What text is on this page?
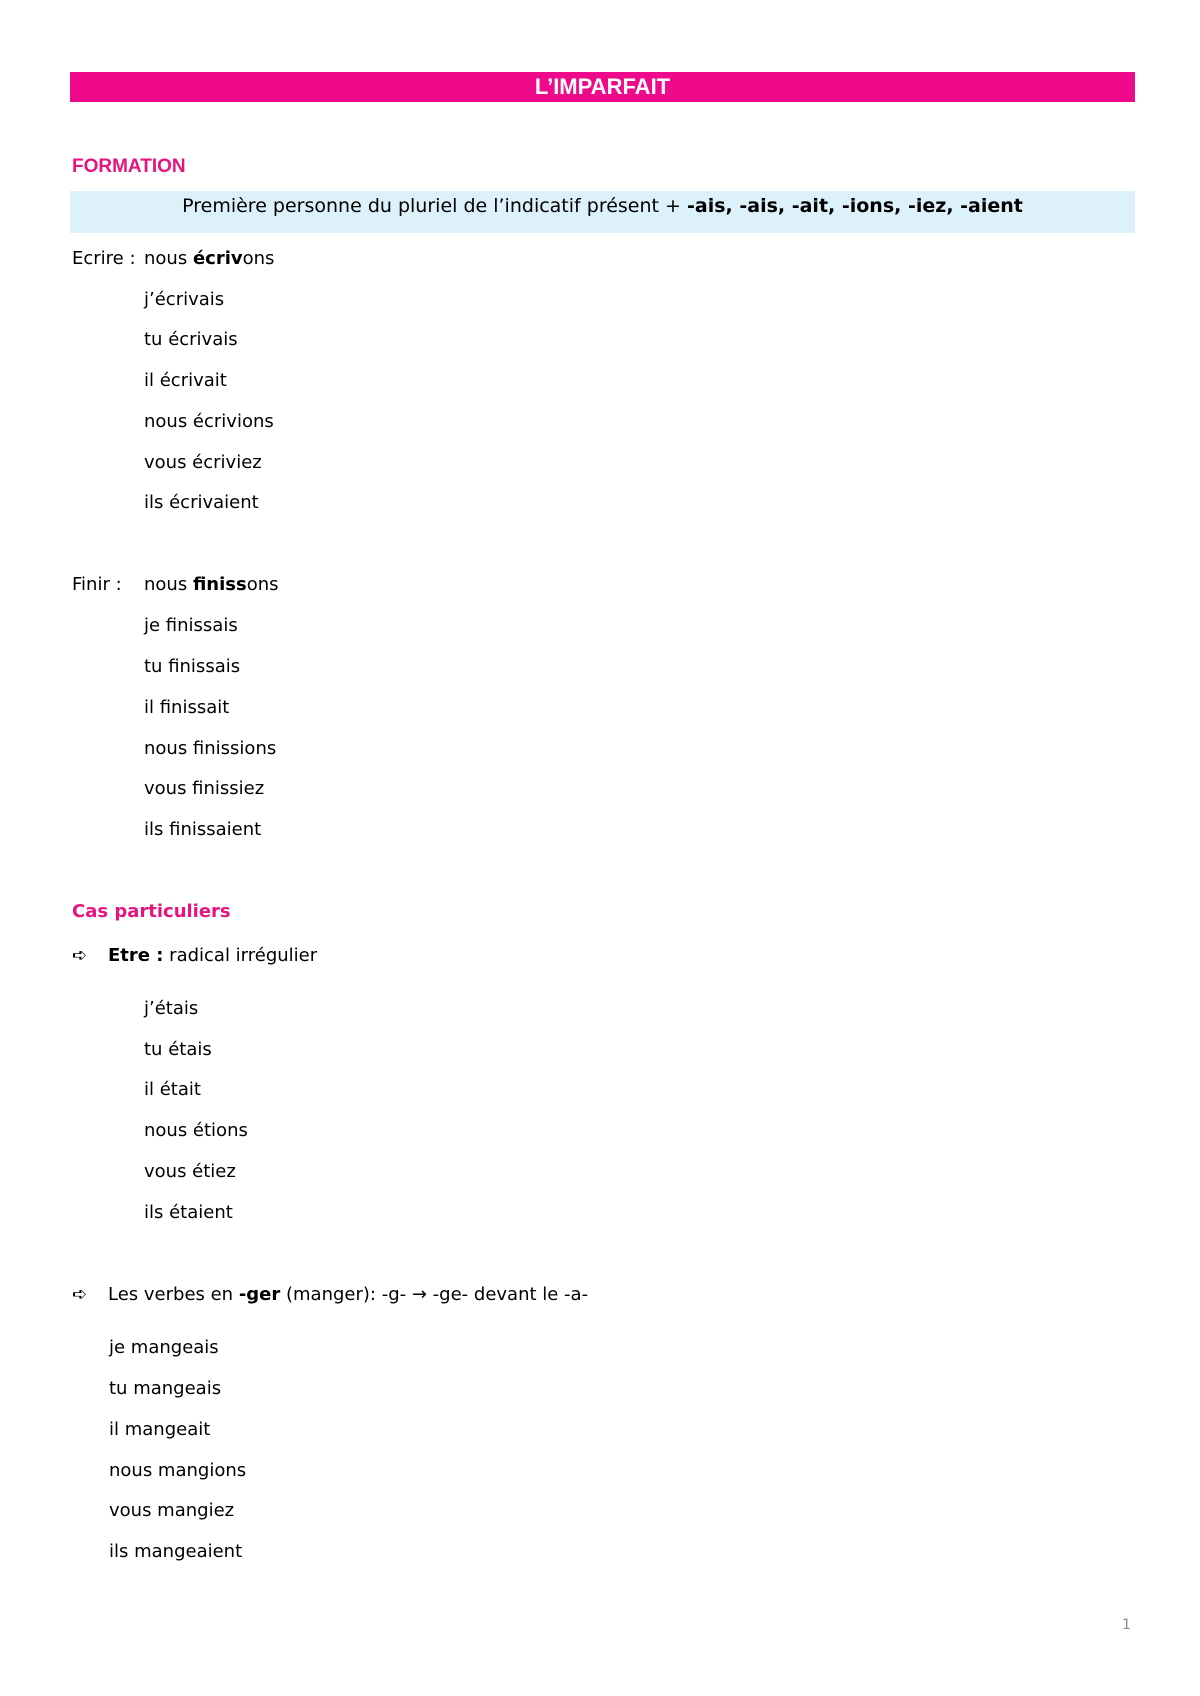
L’IMPARFAIT
FORMATION
Première personne du pluriel de l’indicatif présent + -ais, -ais, -ait, -ions, -iez, -aient
Ecrire : nous écrivons
j’écrivais
tu écrivais
il écrivait
nous écrivions
vous écriviez
ils écrivaient
Finir : nous finissons
je finissais
tu finissais
il finissait
nous finissions
vous finissiez
ils finissaient
Cas particuliers
➪ Etre : radical irrégulier
j’étais
tu étais
il était
nous étions
vous étiez
ils étaient
➪ Les verbes en -ger (manger): -g- → -ge- devant le -a-
je mangeais
tu mangeais
il mangeait
nous mangions
vous mangiez
ils mangeaient
1
